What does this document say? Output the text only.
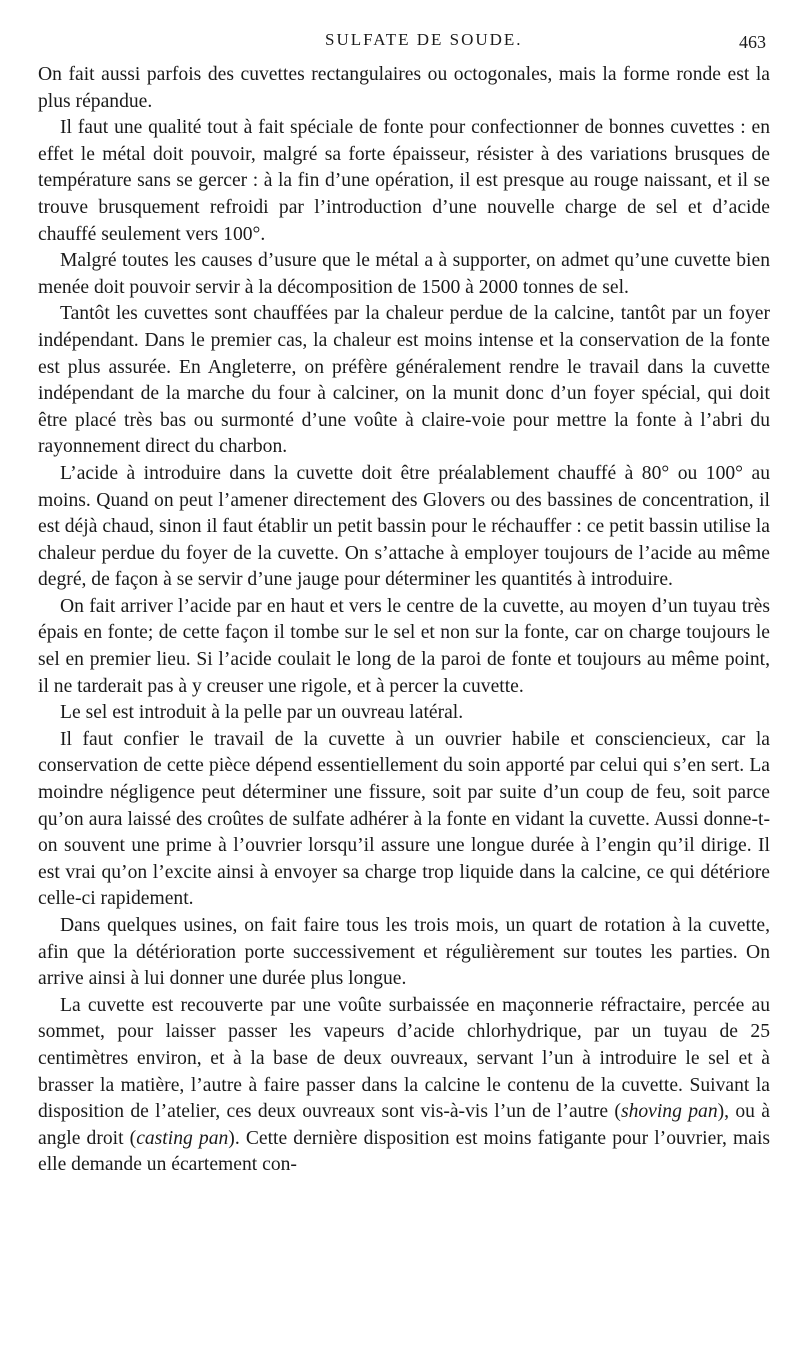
SULFATE DE SOUDE.	463

On fait aussi parfois des cuvettes rectangulaires ou octogonales, mais la forme ronde est la plus répandue.

Il faut une qualité tout à fait spéciale de fonte pour confectionner de bonnes cuvettes : en effet le métal doit pouvoir, malgré sa forte épaisseur, résister à des variations brusques de température sans se gercer : à la fin d’une opération, il est presque au rouge naissant, et il se trouve brusquement refroidi par l’introduction d’une nouvelle charge de sel et d’acide chauffé seulement vers 100°.

Malgré toutes les causes d’usure que le métal a à supporter, on admet qu’une cuvette bien menée doit pouvoir servir à la décomposition de 1500 à 2000 tonnes de sel.

Tantôt les cuvettes sont chauffées par la chaleur perdue de la calcine, tantôt par un foyer indépendant. Dans le premier cas, la chaleur est moins intense et la conservation de la fonte est plus assurée. En Angleterre, on préfère généralement rendre le travail dans la cuvette indépendant de la marche du four à calciner, on la munit donc d’un foyer spécial, qui doit être placé très bas ou surmonté d’une voûte à claire-voie pour mettre la fonte à l’abri du rayonnement direct du charbon.

L’acide à introduire dans la cuvette doit être préalablement chauffé à 80° ou 100° au moins. Quand on peut l’amener directement des Glovers ou des bassines de concentration, il est déjà chaud, sinon il faut établir un petit bassin pour le réchauffer : ce petit bassin utilise la chaleur perdue du foyer de la cuvette. On s’attache à employer toujours de l’acide au même degré, de façon à se servir d’une jauge pour déterminer les quantités à introduire.

On fait arriver l’acide par en haut et vers le centre de la cuvette, au moyen d’un tuyau très épais en fonte; de cette façon il tombe sur le sel et non sur la fonte, car on charge toujours le sel en premier lieu. Si l’acide coulait le long de la paroi de fonte et toujours au même point, il ne tarderait pas à y creuser une rigole, et à percer la cuvette.

Le sel est introduit à la pelle par un ouvreau latéral.

Il faut confier le travail de la cuvette à un ouvrier habile et consciencieux, car la conservation de cette pièce dépend essentiellement du soin apporté par celui qui s’en sert. La moindre négligence peut déterminer une fissure, soit par suite d’un coup de feu, soit parce qu’on aura laissé des croûtes de sulfate adhérer à la fonte en vidant la cuvette. Aussi donne-t-on souvent une prime à l’ouvrier lorsqu’il assure une longue durée à l’engin qu’il dirige. Il est vrai qu’on l’excite ainsi à envoyer sa charge trop liquide dans la calcine, ce qui détériore celle-ci rapidement.

Dans quelques usines, on fait faire tous les trois mois, un quart de rotation à la cuvette, afin que la détérioration porte successivement et régulièrement sur toutes les parties. On arrive ainsi à lui donner une durée plus longue.

La cuvette est recouverte par une voûte surbaissée en maçonnerie réfractaire, percée au sommet, pour laisser passer les vapeurs d’acide chlorhydrique, par un tuyau de 25 centimètres environ, et à la base de deux ouvreaux, servant l’un à introduire le sel et à brasser la matière, l’autre à faire passer dans la calcine le contenu de la cuvette. Suivant la disposition de l’atelier, ces deux ouvreaux sont vis-à-vis l’un de l’autre (shoving pan), ou à angle droit (casting pan). Cette dernière disposition est moins fatigante pour l’ouvrier, mais elle demande un écartement con-
